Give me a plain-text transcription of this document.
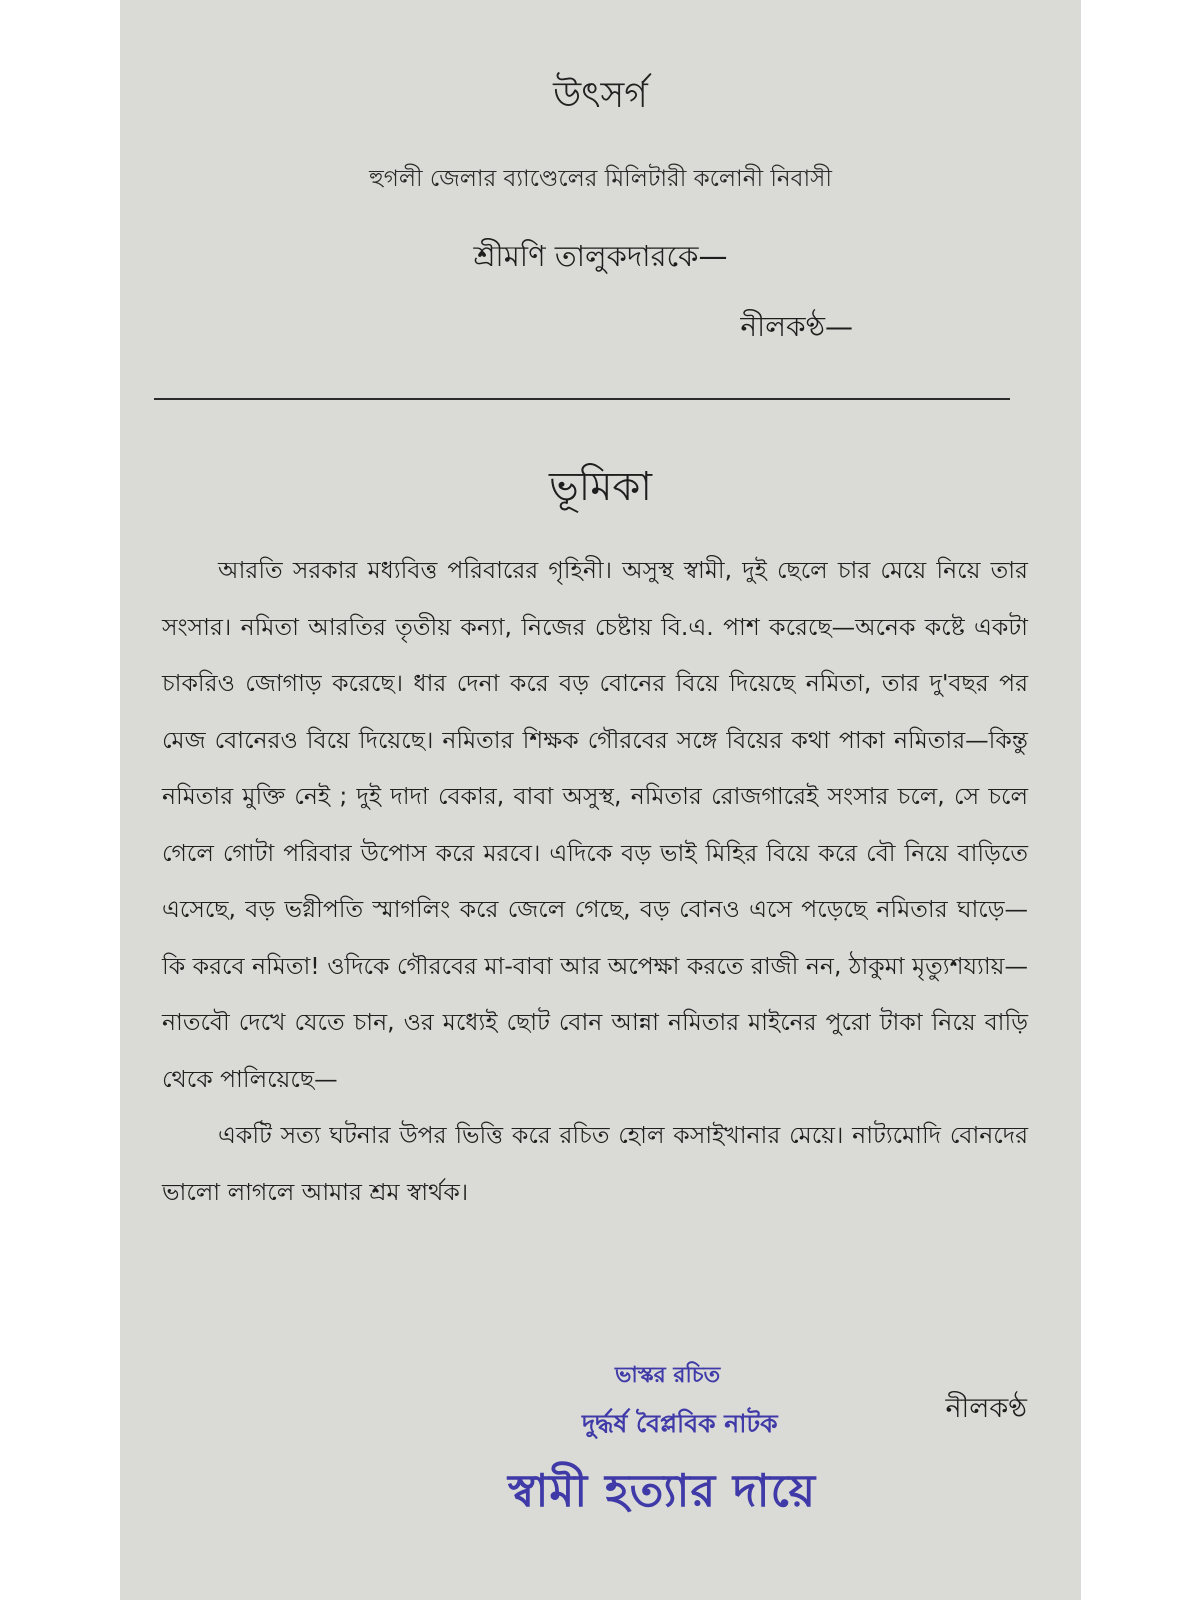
উৎসর্গ
হুগলী জেলার ব্যাণ্ডেলের মিলিটারী কলোনী নিবাসী
শ্রীমণি তালুকদারকে—
নীলকণ্ঠ—
ভূমিকা

আরতি সরকার মধ্যবিত্ত পরিবারের গৃহিনী। অসুস্থ স্বামী, দুই ছেলে চার মেয়ে নিয়ে তার সংসার। নমিতা আরতির তৃতীয় কন্যা, নিজের চেষ্টায় বি.এ. পাশ করেছে—অনেক কষ্টে একটা চাকরিও জোগাড় করেছে। ধার দেনা করে বড় বোনের বিয়ে দিয়েছে নমিতা, তার দু'বছর পর মেজ বোনেরও বিয়ে দিয়েছে। নমিতার শিক্ষক গৌরবের সঙ্গে বিয়ের কথা পাকা নমিতার—কিন্তু নমিতার মুক্তি নেই ; দুই দাদা বেকার, বাবা অসুস্থ, নমিতার রোজগারেই সংসার চলে, সে চলে গেলে গোটা পরিবার উপোস করে মরবে। এদিকে বড় ভাই মিহির বিয়ে করে বৌ নিয়ে বাড়িতে এসেছে, বড় ভগ্নীপতি স্মাগলিং করে জেলে গেছে, বড় বোনও এসে পড়েছে নমিতার ঘাড়ে—কি করবে নমিতা! ওদিকে গৌরবের মা-বাবা আর অপেক্ষা করতে রাজী নন, ঠাকুমা মৃত্যুশয্যায়—নাতবৌ দেখে যেতে চান, ওর মধ্যেই ছোট বোন আন্না নমিতার মাইনের পুরো টাকা নিয়ে বাড়ি থেকে পালিয়েছে—

একটি সত্য ঘটনার উপর ভিত্তি করে রচিত হোল কসাইখানার মেয়ে। নাট্যমোদি বোনদের ভালো লাগলে আমার শ্রম স্বার্থক।

নীলকণ্ঠ
ভাস্কর রচিত
দুর্দ্ধর্ষ বৈপ্লবিক নাটক
স্বামী হত্যার দায়ে
